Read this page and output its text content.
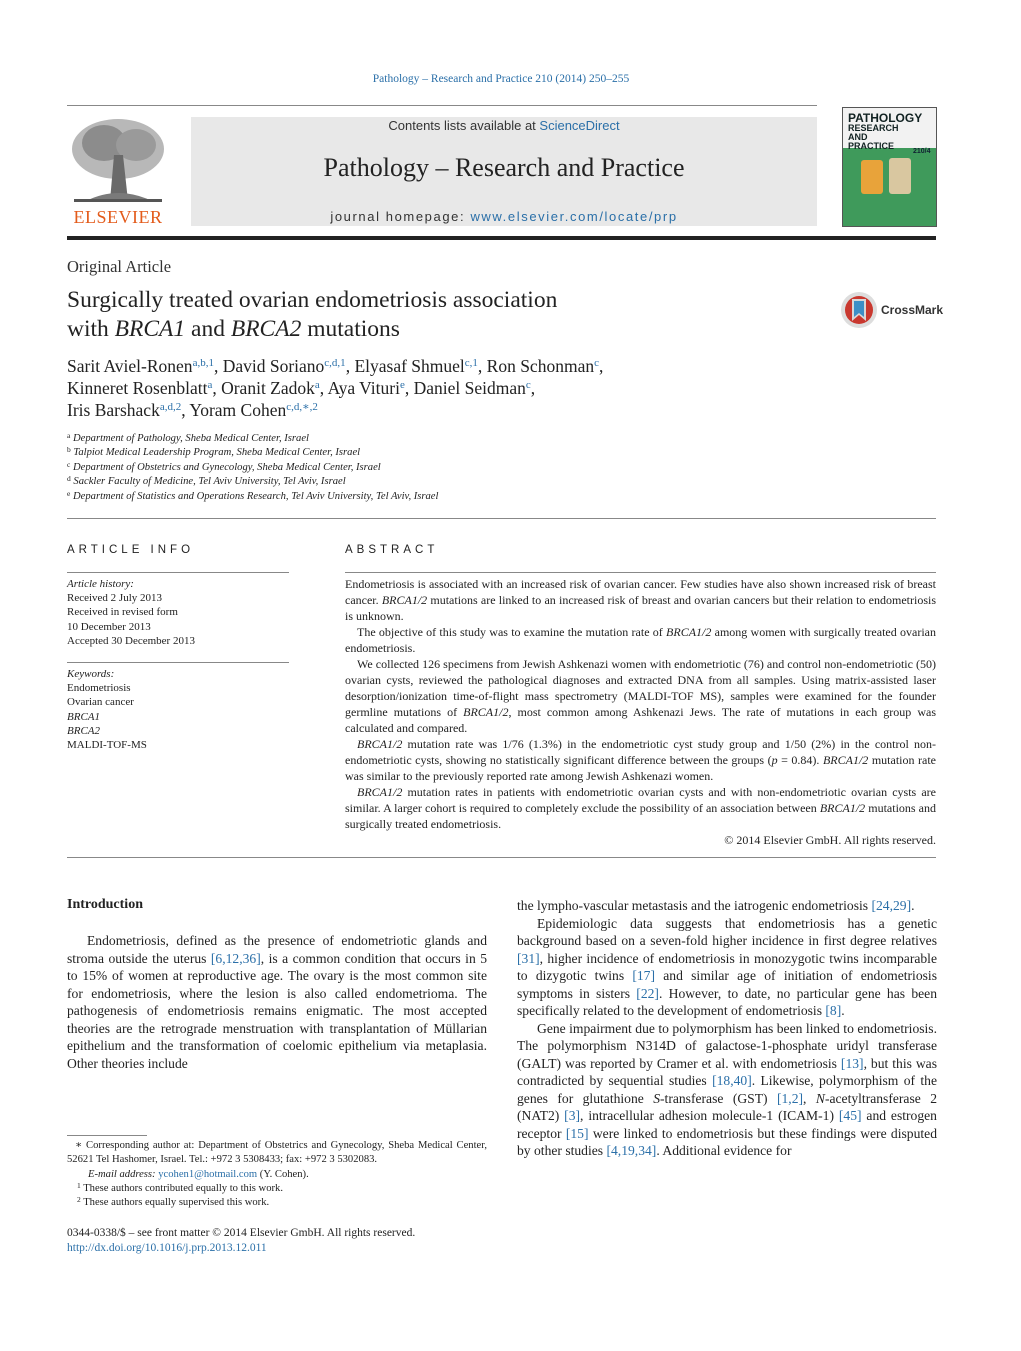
Pathology – Research and Practice 210 (2014) 250–255
ELSEVIER
Contents lists available at ScienceDirect
Pathology – Research and Practice
journal homepage: www.elsevier.com/locate/prp
PATHOLOGY
RESEARCH
AND
PRACTICE
210/4
Original Article
Surgically treated ovarian endometriosis association
with BRCA1 and BRCA2 mutations
CrossMark
Sarit Aviel-Ronen$^{a,b,1}$, David Soriano$^{c,d,1}$, Elyasaf Shmuel$^{c,1}$, Ron Schonman$^c$,
Kinneret Rosenblatt$^a$, Oranit Zadok$^a$, Aya Vituri$^e$, Daniel Seidman$^c$,
Iris Barshack$^{a,d,2}$, Yoram Cohen$^{c,d,∗,2}$
$^a$ Department of Pathology, Sheba Medical Center, Israel
$^b$ Talpiot Medical Leadership Program, Sheba Medical Center, Israel
$^c$ Department of Obstetrics and Gynecology, Sheba Medical Center, Israel
$^d$ Sackler Faculty of Medicine, Tel Aviv University, Tel Aviv, Israel
$^e$ Department of Statistics and Operations Research, Tel Aviv University, Tel Aviv, Israel
ARTICLE INFO
Article history:
Received 2 July 2013
Received in revised form
10 December 2013
Accepted 30 December 2013
Keywords:
Endometriosis
Ovarian cancer
BRCA1
BRCA2
MALDI-TOF-MS
ABSTRACT

Endometriosis is associated with an increased risk of ovarian cancer. Few studies have also shown increased risk of breast cancer. BRCA1/2 mutations are linked to an increased risk of breast and ovarian cancers but their relation to endometriosis is unknown.

The objective of this study was to examine the mutation rate of BRCA1/2 among women with surgically treated ovarian endometriosis.

We collected 126 specimens from Jewish Ashkenazi women with endometriotic (76) and control non-endometriotic (50) ovarian cysts, reviewed the pathological diagnoses and extracted DNA from all samples. Using matrix-assisted laser desorption/ionization time-of-flight mass spectrometry (MALDI-TOF MS), samples were examined for the founder germline mutations of BRCA1/2, most common among Ashkenazi Jews. The rate of mutations in each group was calculated and compared.

BRCA1/2 mutation rate was 1/76 (1.3%) in the endometriotic cyst study group and 1/50 (2%) in the control non-endometriotic cysts, showing no statistically significant difference between the groups (p = 0.84). BRCA1/2 mutation rate was similar to the previously reported rate among Jewish Ashkenazi women.

BRCA1/2 mutation rates in patients with endometriotic ovarian cysts and with non-endometriotic ovarian cysts are similar. A larger cohort is required to completely exclude the possibility of an association between BRCA1/2 mutations and surgically treated endometriosis.

© 2014 Elsevier GmbH. All rights reserved.

Introduction

Endometriosis, defined as the presence of endometriotic glands and stroma outside the uterus [6,12,36], is a common condition that occurs in 5 to 15% of women at reproductive age. The ovary is the most common site for endometriosis, where the lesion is also called endometrioma. The pathogenesis of endometriosis remains enigmatic. The most accepted theories are the retrograde menstruation with transplantation of Müllarian epithelium and the transformation of coelomic epithelium via metaplasia. Other theories include

the lympho-vascular metastasis and the iatrogenic endometriosis [24,29].

Epidemiologic data suggests that endometriosis has a genetic background based on a seven-fold higher incidence in first degree relatives [31], higher incidence of endometriosis in monozygotic twins incomparable to dizygotic twins [17] and similar age of initiation of endometriosis symptoms in sisters [22]. However, to date, no particular gene has been specifically related to the development of endometriosis [8].

Gene impairment due to polymorphism has been linked to endometriosis. The polymorphism N314D of galactose-1-phosphate uridyl transferase (GALT) was reported by Cramer et al. with endometriosis [13], but this was contradicted by sequential studies [18,40]. Likewise, polymorphism of the genes for glutathione S-transferase (GST) [1,2], N-acetyltransferase 2 (NAT2) [3], intracellular adhesion molecule-1 (ICAM-1) [45] and estrogen receptor [15] were linked to endometriosis but these findings were disputed by other studies [4,19,34]. Additional evidence for

∗ Corresponding author at: Department of Obstetrics and Gynecology, Sheba Medical Center, 52621 Tel Hashomer, Israel. Tel.: +972 3 5308433; fax: +972 3 5302083.

E-mail address: ycohen1@hotmail.com (Y. Cohen).

$^1$ These authors contributed equally to this work.

$^2$ These authors equally supervised this work.

0344-0338/$ – see front matter © 2014 Elsevier GmbH. All rights reserved.
http://dx.doi.org/10.1016/j.prp.2013.12.011
